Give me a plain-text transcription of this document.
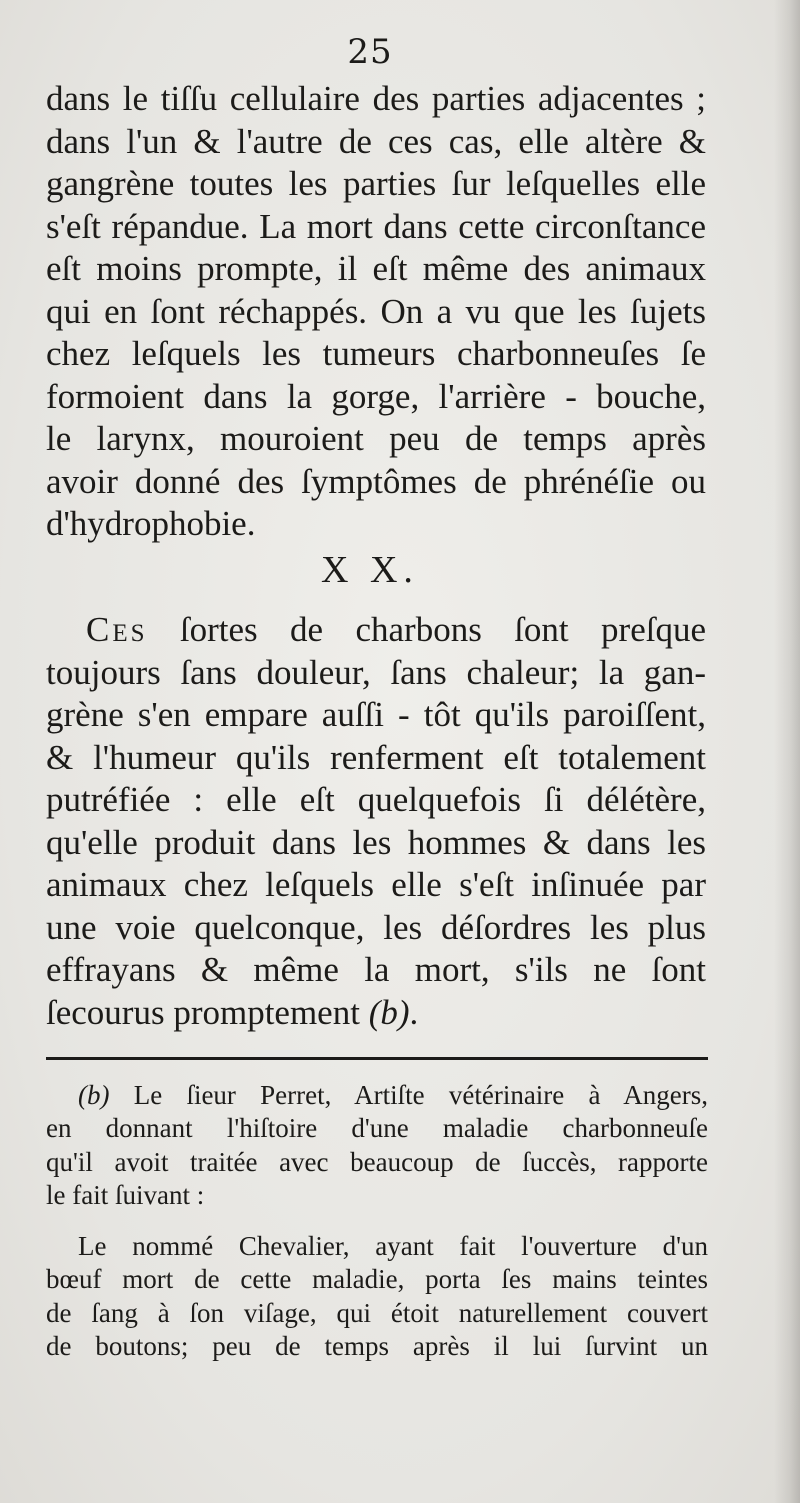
25
dans le tiſſu cellulaire des parties adjacentes ;
dans l'un & l'autre de ces cas, elle altère &
gangrène toutes les parties ſur leſquelles elle
s'eſt répandue. La mort dans cette circonſtance
eſt moins prompte, il eſt même des animaux
qui en ſont réchappés. On a vu que les ſujets
chez leſquels les tumeurs charbonneuſes ſe
formoient dans la gorge, l'arrière - bouche,
le larynx, mouroient peu de temps après
avoir donné des ſymptômes de phrénéſie ou
d'hydrophobie.
X X.
Ces ſortes de charbons ſont preſque
toujours ſans douleur, ſans chaleur; la gan-
grène s'en empare auſſi - tôt qu'ils paroiſſent,
& l'humeur qu'ils renferment eſt totalement
putréfiée : elle eſt quelquefois ſi délétère,
qu'elle produit dans les hommes & dans les
animaux chez leſquels elle s'eſt inſinuée par
une voie quelconque, les déſordres les plus
effrayans & même la mort, s'ils ne ſont
ſecourus promptement (b).
(b) Le ſieur Perret, Artiſte vétérinaire à Angers,
en donnant l'hiſtoire d'une maladie charbonneuſe
qu'il avoit traitée avec beaucoup de ſuccès, rapporte
le fait ſuivant :
Le nommé Chevalier, ayant fait l'ouverture d'un
bœuf mort de cette maladie, porta ſes mains teintes
de ſang à ſon viſage, qui étoit naturellement couvert
de boutons; peu de temps après il lui ſurvint un
